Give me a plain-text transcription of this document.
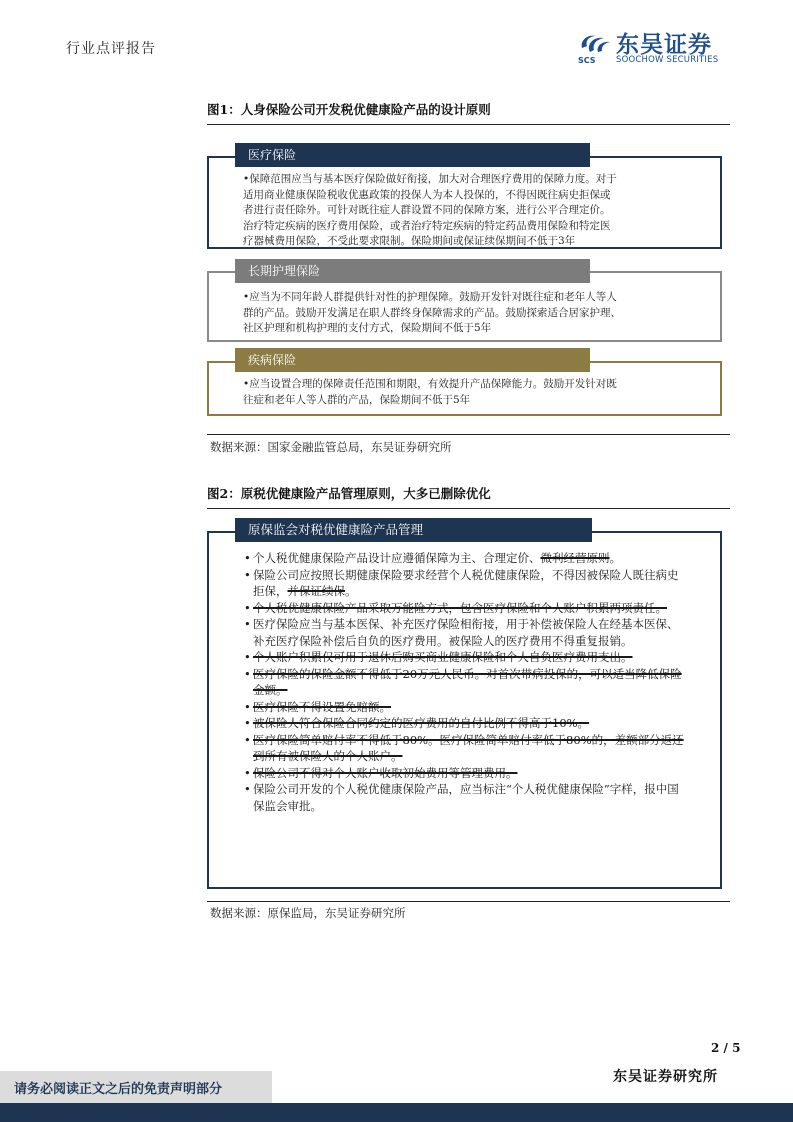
行业点评报告	东吴证券
SCS SOOCHOW SECURITIES
图1：人身保险公司开发税优健康险产品的设计原则
医疗保险
•保障范围应当与基本医疗保险做好衔接，加大对合理医疗费用的保障力度。对于
适用商业健康保险税收优惠政策的投保人为本人投保的，不得因既往病史拒保或
者进行责任除外。可针对既往症人群设置不同的保障方案，进行公平合理定价。
治疗特定疾病的医疗费用保险，或者治疗特定疾病的特定药品费用保险和特定医
疗器械费用保险，不受此要求限制。保险期间或保证续保期间不低于3年
长期护理保险
•应当为不同年龄人群提供针对性的护理保障。鼓励开发针对既往症和老年人等人
群的产品。鼓励开发满足在职人群终身保障需求的产品。鼓励探索适合居家护理、
社区护理和机构护理的支付方式，保险期间不低于5年
疾病保险
•应当设置合理的保障责任范围和期限，有效提升产品保障能力。鼓励开发针对既
往症和老年人等人群的产品，保险期间不低于5年
数据来源：国家金融监管总局，东吴证券研究所
图2：原税优健康险产品管理原则，大多已删除优化
原保监会对税优健康险产品管理
• 个人税优健康保险产品设计应遵循保障为主、合理定价、微利经营原则。
• 保险公司应按照长期健康保险要求经营个人税优健康保险，不得因被保险人既往病史拒保，并保证续保。
• 个人税优健康保险产品采取万能险方式，包含医疗保险和个人账户积累两项责任。
• 医疗保险应当与基本医保、补充医疗保险相衔接，用于补偿被保险人在经基本医保、补充医疗保险补偿后自负的医疗费用。被保险人的医疗费用不得重复报销。
• 个人账户积累仅可用于退休后购买商业健康保险和个人自负医疗费用支出。
• 医疗保险的保险金额不得低于20万元人民币。对首次带病投保的，可以适当降低保险金额。
• 医疗保险不得设置免赔额。
• 被保险人符合保险合同约定的医疗费用的自付比例不得高于10%。
• 医疗保险简单赔付率不得低于80%。医疗保险简单赔付率低于80%的，差额部分返还到所有被保险人的个人账户。
• 保险公司不得对个人账户收取初始费用等管理费用。
• 保险公司开发的个人税优健康保险产品，应当标注“个人税优健康保险”字样，报中国保监会审批。
数据来源：原保监局，东吴证券研究所
2 / 5
请务必阅读正文之后的免责声明部分
东吴证券研究所
